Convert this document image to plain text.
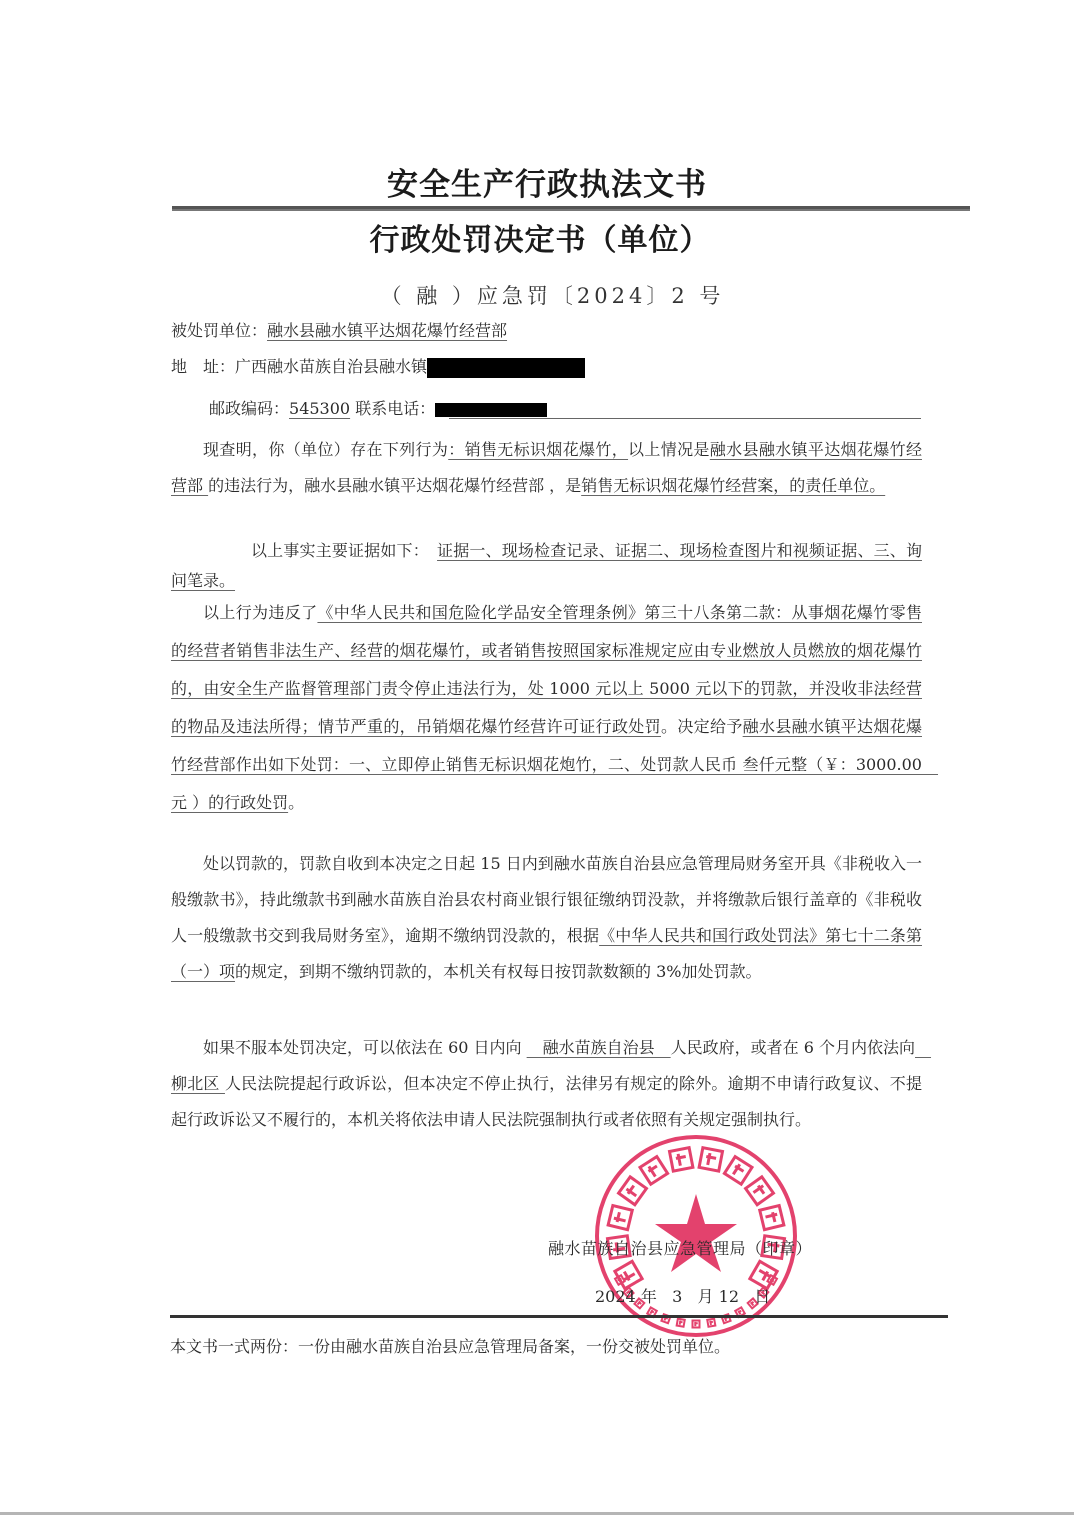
安全生产行政执法文书
行政处罚决定书（单位）
（ 融 ）应急罚〔2024〕2 号
被处罚单位：融水县融水镇平达烟花爆竹经营部
地　址：广西融水苗族自治县融水镇
邮政编码：545300 联系电话：
现查明，你（单位）存在下列行为：销售无标识烟花爆竹，以上情况是融水县融水镇平达烟花爆竹经营部 的违法行为，融水县融水镇平达烟花爆竹经营部 ，是销售无标识烟花爆竹经营案，的责任单位。
以上事实主要证据如下：　 证据一、现场检查记录、证据二、现场检查图片和视频证据、三、询问笔录。
以上行为违反了《中华人民共和国危险化学品安全管理条例》第三十八条第二款：从事烟花爆竹零售的经营者销售非法生产、经营的烟花爆竹，或者销售按照国家标准规定应由专业燃放人员燃放的烟花爆竹的，由安全生产监督管理部门责令停止违法行为，处 1000 元以上 5000 元以下的罚款，并没收非法经营的物品及违法所得；情节严重的，吊销烟花爆竹经营许可证行政处罚。决定给予融水县融水镇平达烟花爆竹经营部作出如下处罚：一、立即停止销售无标识烟花炮竹，二、处罚款人民币 叁仟元整（￥：3000.00　元 ）的行政处罚。
处以罚款的，罚款自收到本决定之日起 15 日内到融水苗族自治县应急管理局财务室开具《非税收入一般缴款书》，持此缴款书到融水苗族自治县农村商业银行银征缴纳罚没款，并将缴款后银行盖章的《非税收人一般缴款书交到我局财务室》，逾期不缴纳罚没款的，根据《中华人民共和国行政处罚法》第七十二条第（一）项的规定，到期不缴纳罚款的，本机关有权每日按罚款数额的 3%加处罚款。
如果不服本处罚决定，可以依法在 60 日内向 　融水苗族自治县　人民政府，或者在 6 个月内依法向　柳北区 人民法院提起行政诉讼，但本决定不停止执行，法律另有规定的除外。逾期不申请行政复议、不提起行政诉讼又不履行的，本机关将依法申请人民法院强制执行或者依照有关规定强制执行。
融水苗族自治县应急管理局（印章）
2024 年 3 月 12 日
本文书一式两份：一份由融水苗族自治县应急管理局备案，一份交被处罚单位。
